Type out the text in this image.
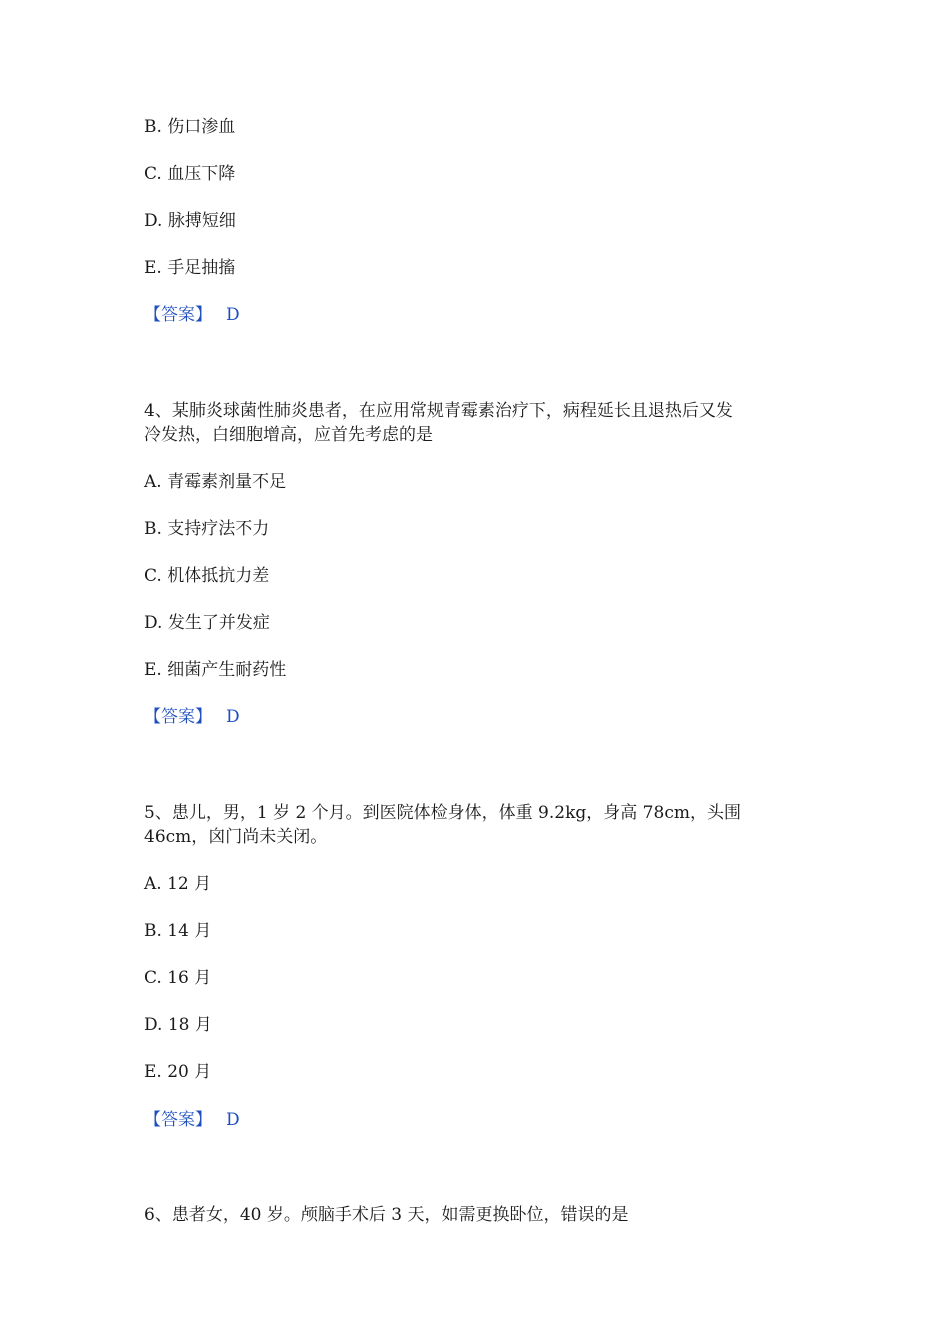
B. 伤口渗血
C. 血压下降
D. 脉搏短细
E. 手足抽搐
【答案】 D
4、某肺炎球菌性肺炎患者，在应用常规青霉素治疗下，病程延长且退热后又发
冷发热，白细胞增高，应首先考虑的是
A. 青霉素剂量不足
B. 支持疗法不力
C. 机体抵抗力差
D. 发生了并发症
E. 细菌产生耐药性
【答案】 D
5、患儿，男，1 岁 2 个月。到医院体检身体，体重 9.2kg，身高 78cm，头围
46cm，囟门尚未关闭。
A. 12 月
B. 14 月
C. 16 月
D. 18 月
E. 20 月
【答案】 D
6、患者女，40 岁。颅脑手术后 3 天，如需更换卧位，错误的是
